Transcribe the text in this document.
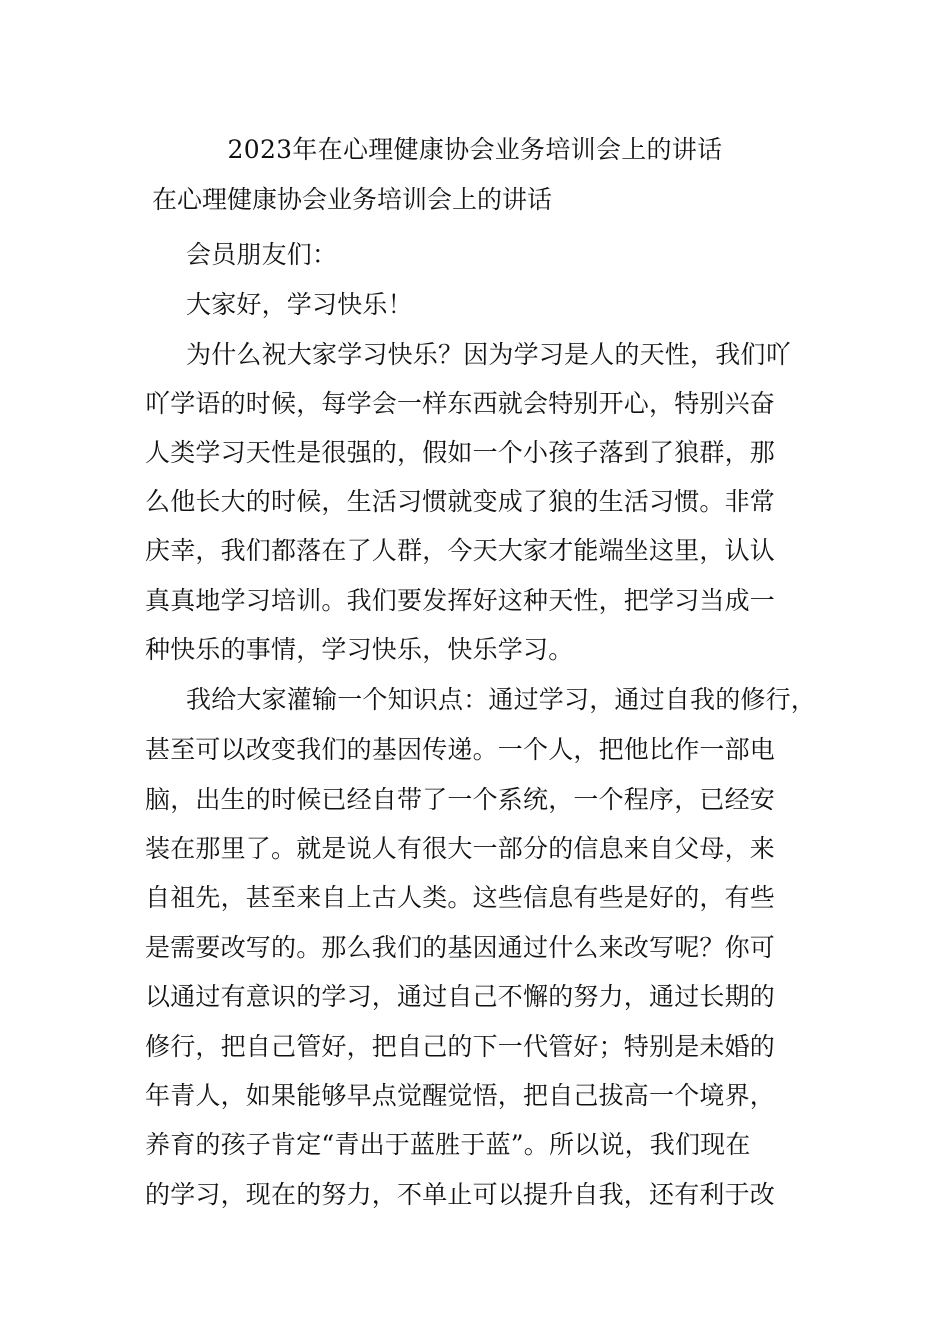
2023年在心理健康协会业务培训会上的讲话
在心理健康协会业务培训会上的讲话
会员朋友们：
大家好，学习快乐！
为什么祝大家学习快乐？因为学习是人的天性，我们吖
吖学语的时候，每学会一样东西就会特别开心，特别兴奋
人类学习天性是很强的，假如一个小孩子落到了狼群，那
么他长大的时候，生活习惯就变成了狼的生活习惯。非常
庆幸，我们都落在了人群，今天大家才能端坐这里，认认
真真地学习培训。我们要发挥好这种天性，把学习当成一
种快乐的事情，学习快乐，快乐学习。
我给大家灌输一个知识点：通过学习，通过自我的修行，
甚至可以改变我们的基因传递。一个人，把他比作一部电
脑，出生的时候已经自带了一个系统，一个程序，已经安
装在那里了。就是说人有很大一部分的信息来自父母，来
自祖先，甚至来自上古人类。这些信息有些是好的，有些
是需要改写的。那么我们的基因通过什么来改写呢？你可
以通过有意识的学习，通过自己不懈的努力，通过长期的
修行，把自己管好，把自己的下一代管好；特别是未婚的
年青人，如果能够早点觉醒觉悟，把自己拔高一个境界，
养育的孩子肯定“青出于蓝胜于蓝”。所以说，我们现在
的学习，现在的努力，不单止可以提升自我，还有利于改
